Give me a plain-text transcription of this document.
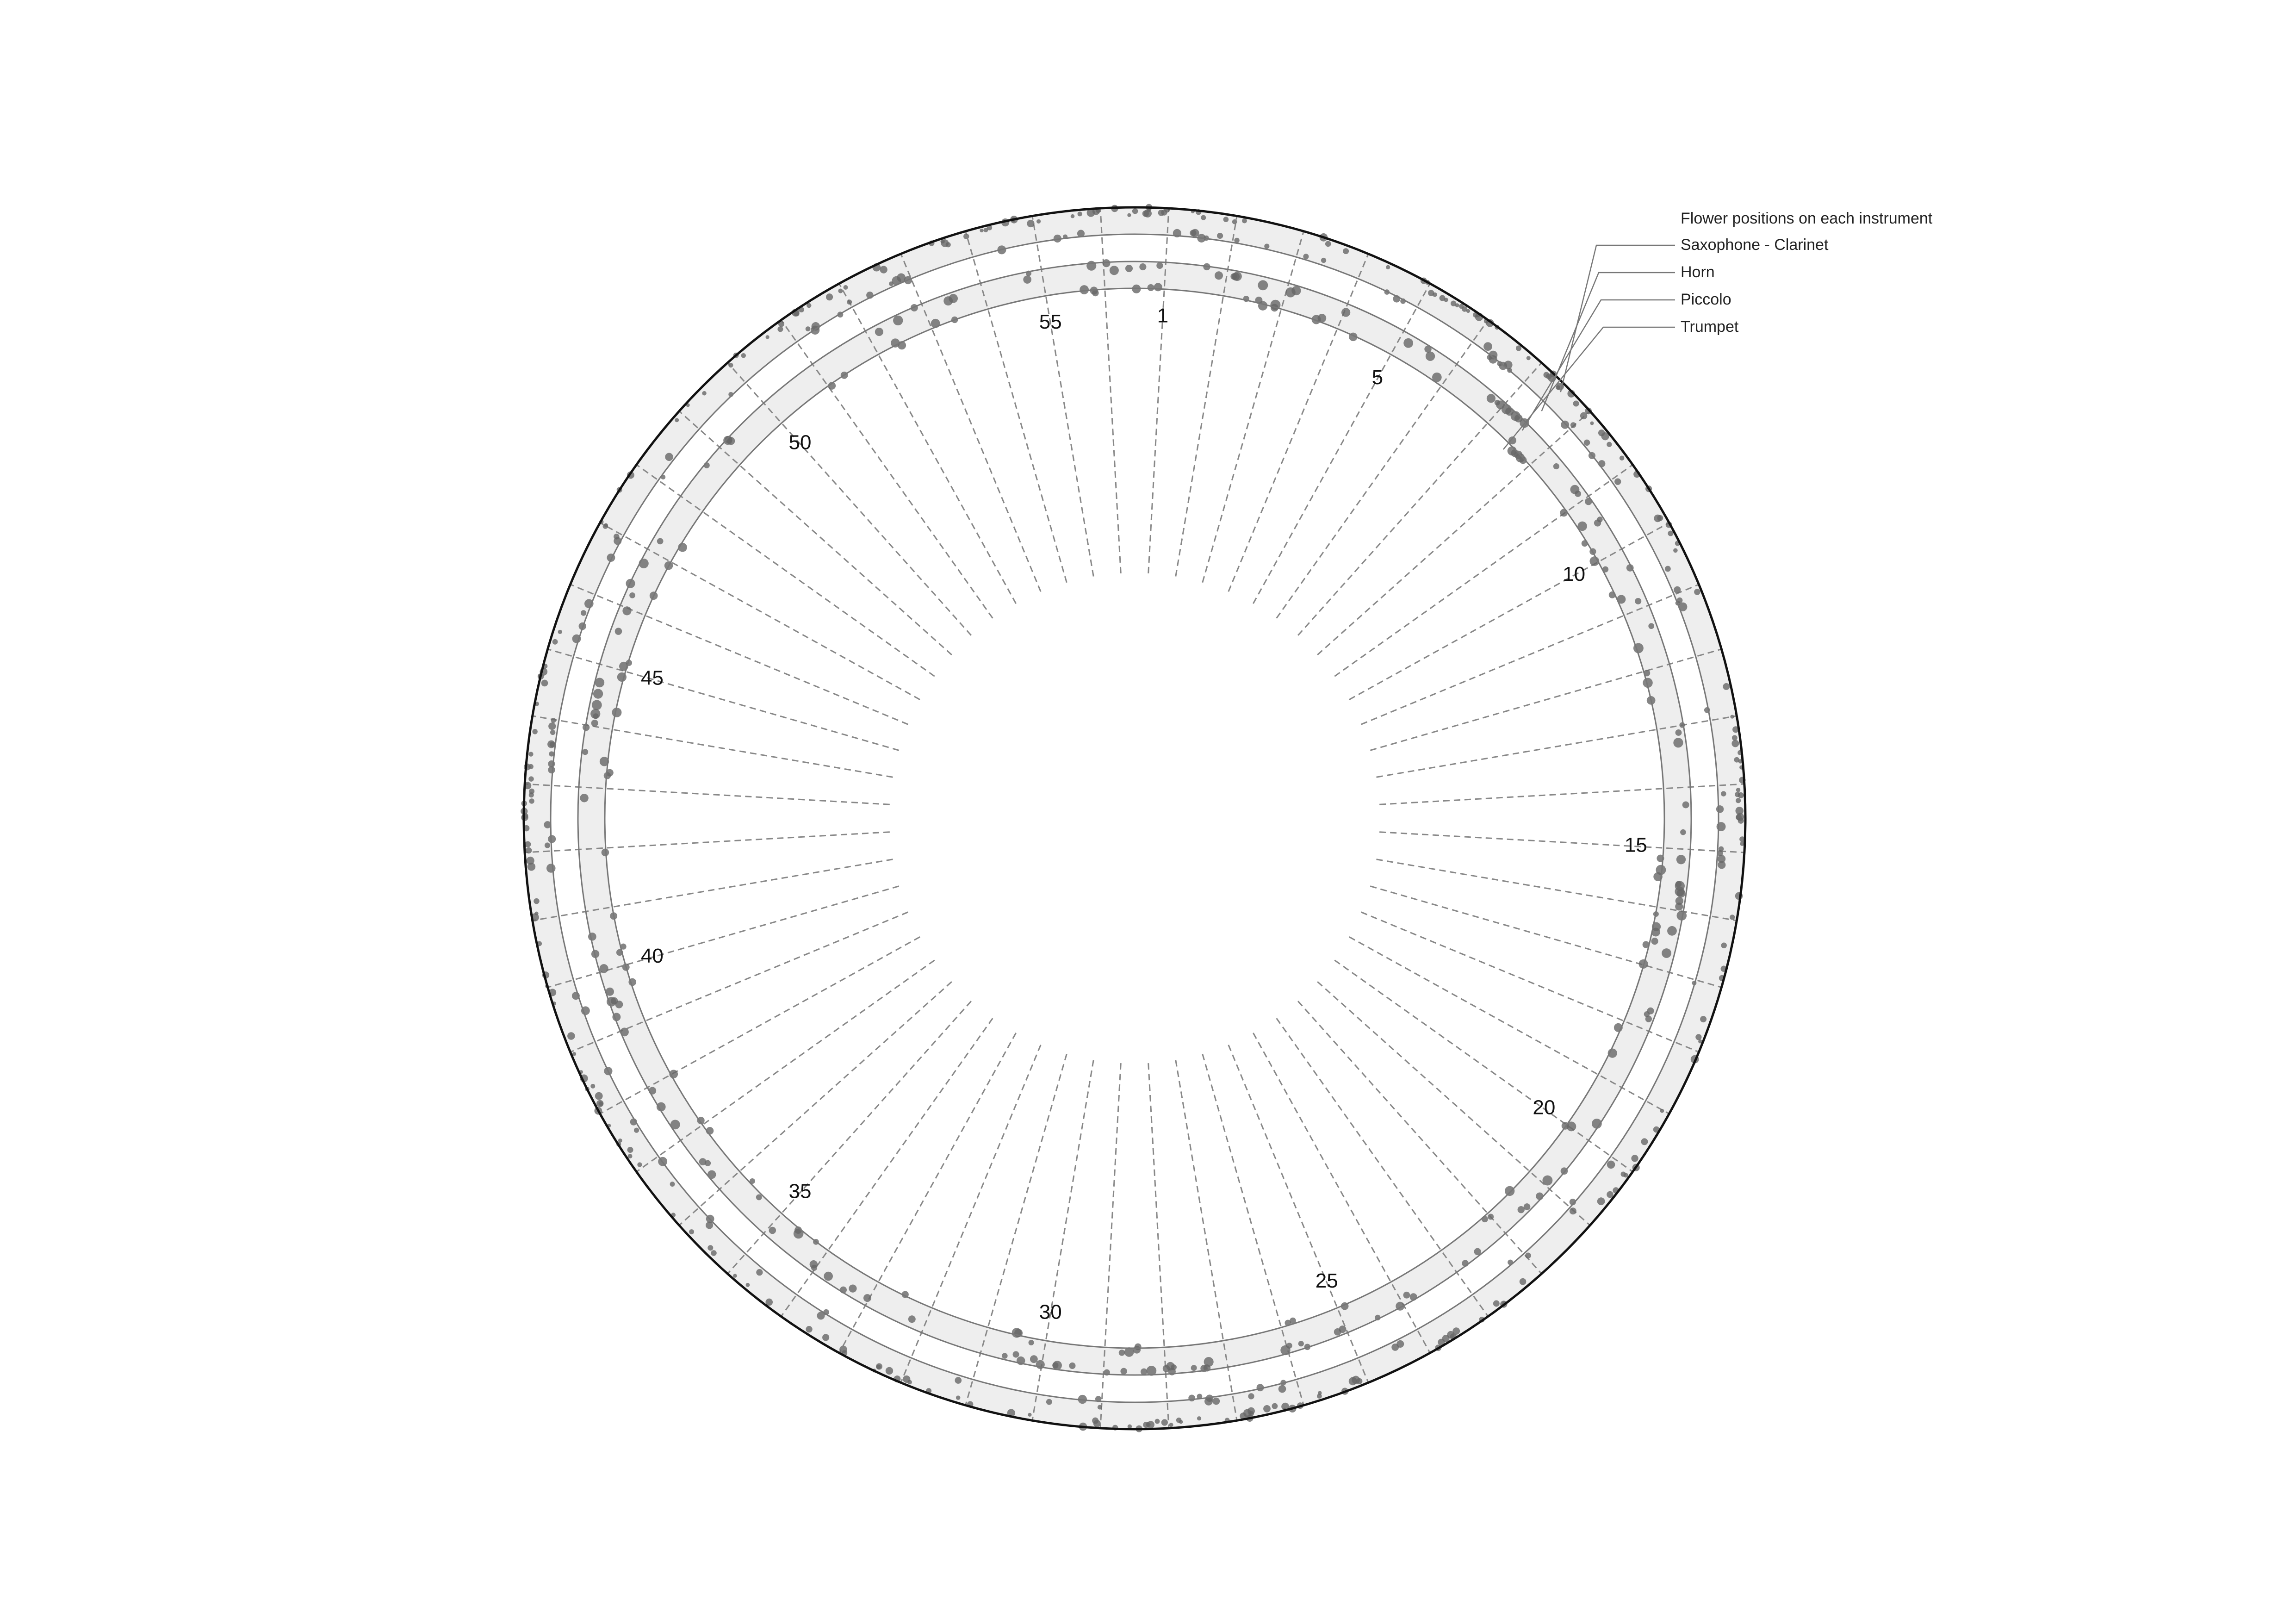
1
5
10
15
20
25
30
35
40
45
50
55
Flower positions on each instrument
Saxophone - Clarinet
Horn
Piccolo
Trumpet
